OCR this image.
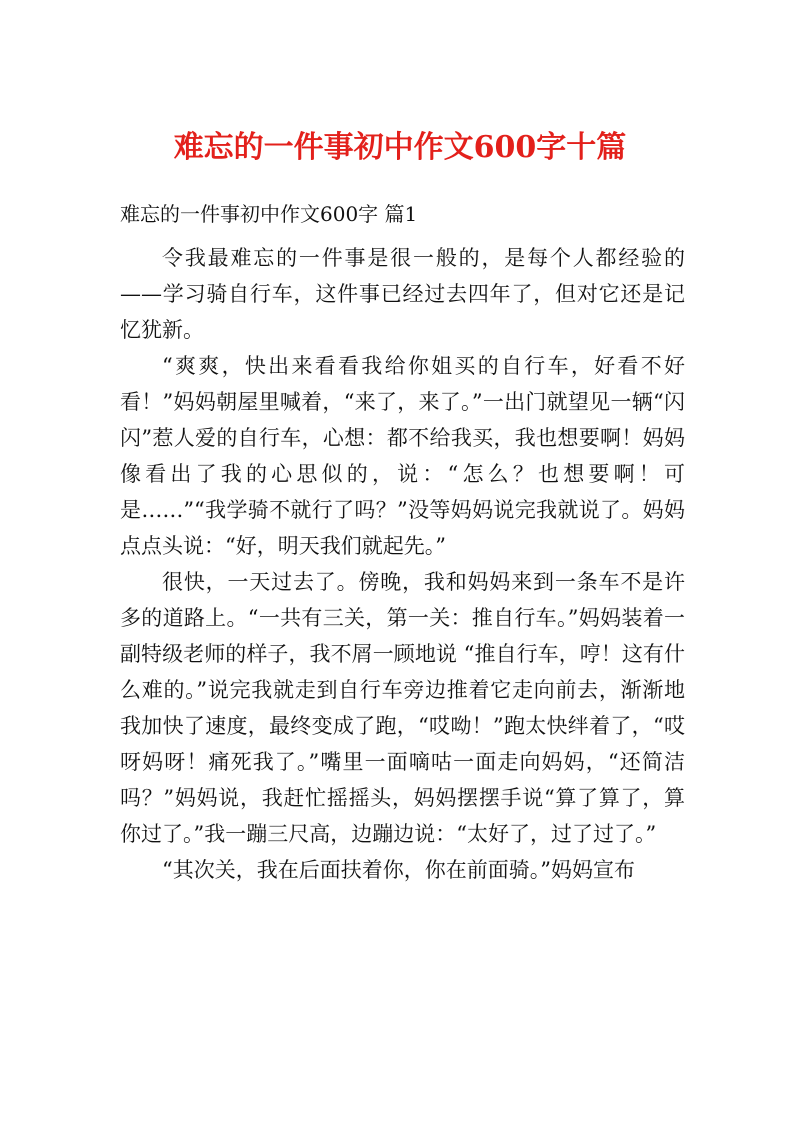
难忘的一件事初中作文600字十篇
难忘的一件事初中作文600字 篇1

令我最难忘的一件事是很一般的，是每个人都经验的——学习骑自行车，这件事已经过去四年了，但对它还是记忆犹新。

“爽爽，快出来看看我给你姐买的自行车，好看不好看！”妈妈朝屋里喊着，“来了，来了。”一出门就望见一辆“闪闪”惹人爱的自行车，心想：都不给我买，我也想要啊！妈妈像看出了我的心思似的，说：“怎么？也想要啊！可是……”“我学骑不就行了吗？”没等妈妈说完我就说了。妈妈点点头说：“好，明天我们就起先。”

很快，一天过去了。傍晚，我和妈妈来到一条车不是许多的道路上。“一共有三关，第一关：推自行车。”妈妈装着一副特级老师的样子，我不屑一顾地说 “推自行车，哼！这有什么难的。”说完我就走到自行车旁边推着它走向前去，渐渐地我加快了速度，最终变成了跑，“哎呦！”跑太快绊着了，“哎呀妈呀！痛死我了。”嘴里一面嘀咕一面走向妈妈，“还简洁吗？”妈妈说，我赶忙摇摇头，妈妈摆摆手说“算了算了，算你过了。”我一蹦三尺高，边蹦边说：“太好了，过了过了。”

“其次关，我在后面扶着你，你在前面骑。”妈妈宣布
